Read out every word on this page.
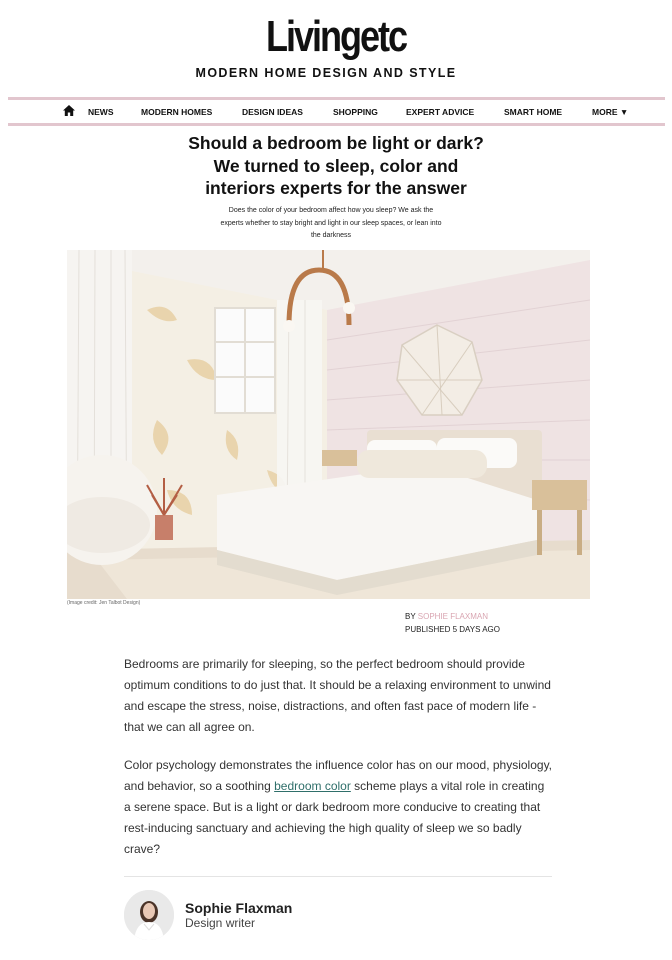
Livingetc
MODERN HOME DESIGN AND STYLE
NEWS	MODERN HOMES	DESIGN IDEAS	SHOPPING	EXPERT ADVICE	SMART HOME	MORE ▼
Should a bedroom be light or dark?
We turned to sleep, color and
interiors experts for the answer
Does the color of your bedroom affect how you sleep? We ask the
experts whether to stay bright and light in our sleep spaces, or lean into
the darkness
(Image credit: Jen Talbot Design)
BY SOPHIE FLAXMAN
PUBLISHED 5 DAYS AGO
Bedrooms are primarily for sleeping, so the perfect bedroom should provide optimum conditions to do just that. It should be a relaxing environment to unwind and escape the stress, noise, distractions, and often fast pace of modern life - that we can all agree on.
Color psychology demonstrates the influence color has on our mood, physiology, and behavior, so a soothing bedroom color scheme plays a vital role in creating a serene space. But is a light or dark bedroom more conducive to creating that rest-inducing sanctuary and achieving the high quality of sleep we so badly crave?
Sophie Flaxman
Design writer
